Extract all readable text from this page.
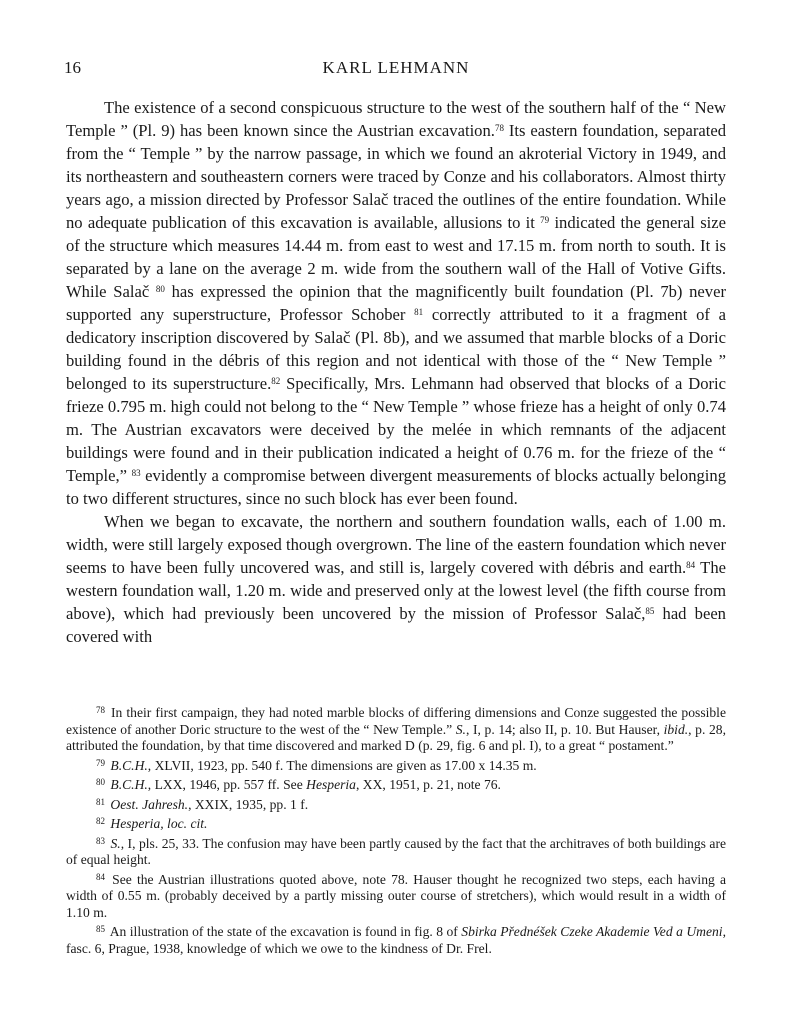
16	KARL LEHMANN

The existence of a second conspicuous structure to the west of the southern half of the “ New Temple ” (Pl. 9) has been known since the Austrian excavation.$^{78}$ Its eastern foundation, separated from the “ Temple ” by the narrow passage, in which we found an akroterial Victory in 1949, and its northeastern and southeastern corners were traced by Conze and his collaborators. Almost thirty years ago, a mission directed by Professor Salač traced the outlines of the entire foundation. While no adequate publication of this excavation is available, allusions to it $^{79}$ indicated the general size of the structure which measures 14.44 m. from east to west and 17.15 m. from north to south. It is separated by a lane on the average 2 m. wide from the southern wall of the Hall of Votive Gifts. While Salač $^{80}$ has expressed the opinion that the magnificently built foundation (Pl. 7b) never supported any superstructure, Professor Schober $^{81}$ correctly attributed to it a fragment of a dedicatory inscription discovered by Salač (Pl. 8b), and we assumed that marble blocks of a Doric building found in the débris of this region and not identical with those of the “ New Temple ” belonged to its superstructure.$^{82}$ Specifically, Mrs. Lehmann had observed that blocks of a Doric frieze 0.795 m. high could not belong to the “ New Temple ” whose frieze has a height of only 0.74 m. The Austrian excavators were deceived by the melée in which remnants of the adjacent buildings were found and in their publication indicated a height of 0.76 m. for the frieze of the “ Temple,” $^{83}$ evidently a compromise between divergent measurements of blocks actually belonging to two different structures, since no such block has ever been found.

When we began to excavate, the northern and southern foundation walls, each of 1.00 m. width, were still largely exposed though overgrown. The line of the eastern foundation which never seems to have been fully uncovered was, and still is, largely covered with débris and earth.$^{84}$ The western foundation wall, 1.20 m. wide and preserved only at the lowest level (the fifth course from above), which had previously been uncovered by the mission of Professor Salač,$^{85}$ had been covered with

$^{78}$ In their first campaign, they had noted marble blocks of differing dimensions and Conze suggested the possible existence of another Doric structure to the west of the “ New Temple.” S., I, p. 14; also II, p. 10. But Hauser, ibid., p. 28, attributed the foundation, by that time discovered and marked D (p. 29, fig. 6 and pl. I), to a great “ postament.”

$^{79}$ B.C.H., XLVII, 1923, pp. 540 f. The dimensions are given as 17.00 x 14.35 m.

$^{80}$ B.C.H., LXX, 1946, pp. 557 ff. See Hesperia, XX, 1951, p. 21, note 76.

$^{81}$ Oest. Jahresh., XXIX, 1935, pp. 1 f.

$^{82}$ Hesperia, loc. cit.

$^{83}$ S., I, pls. 25, 33. The confusion may have been partly caused by the fact that the architraves of both buildings are of equal height.

$^{84}$ See the Austrian illustrations quoted above, note 78. Hauser thought he recognized two steps, each having a width of 0.55 m. (probably deceived by a partly missing outer course of stretchers), which would result in a width of 1.10 m.

$^{85}$ An illustration of the state of the excavation is found in fig. 8 of Sbirka Přednéšek Czeke Akademie Ved a Umeni, fasc. 6, Prague, 1938, knowledge of which we owe to the kindness of Dr. Frel.
